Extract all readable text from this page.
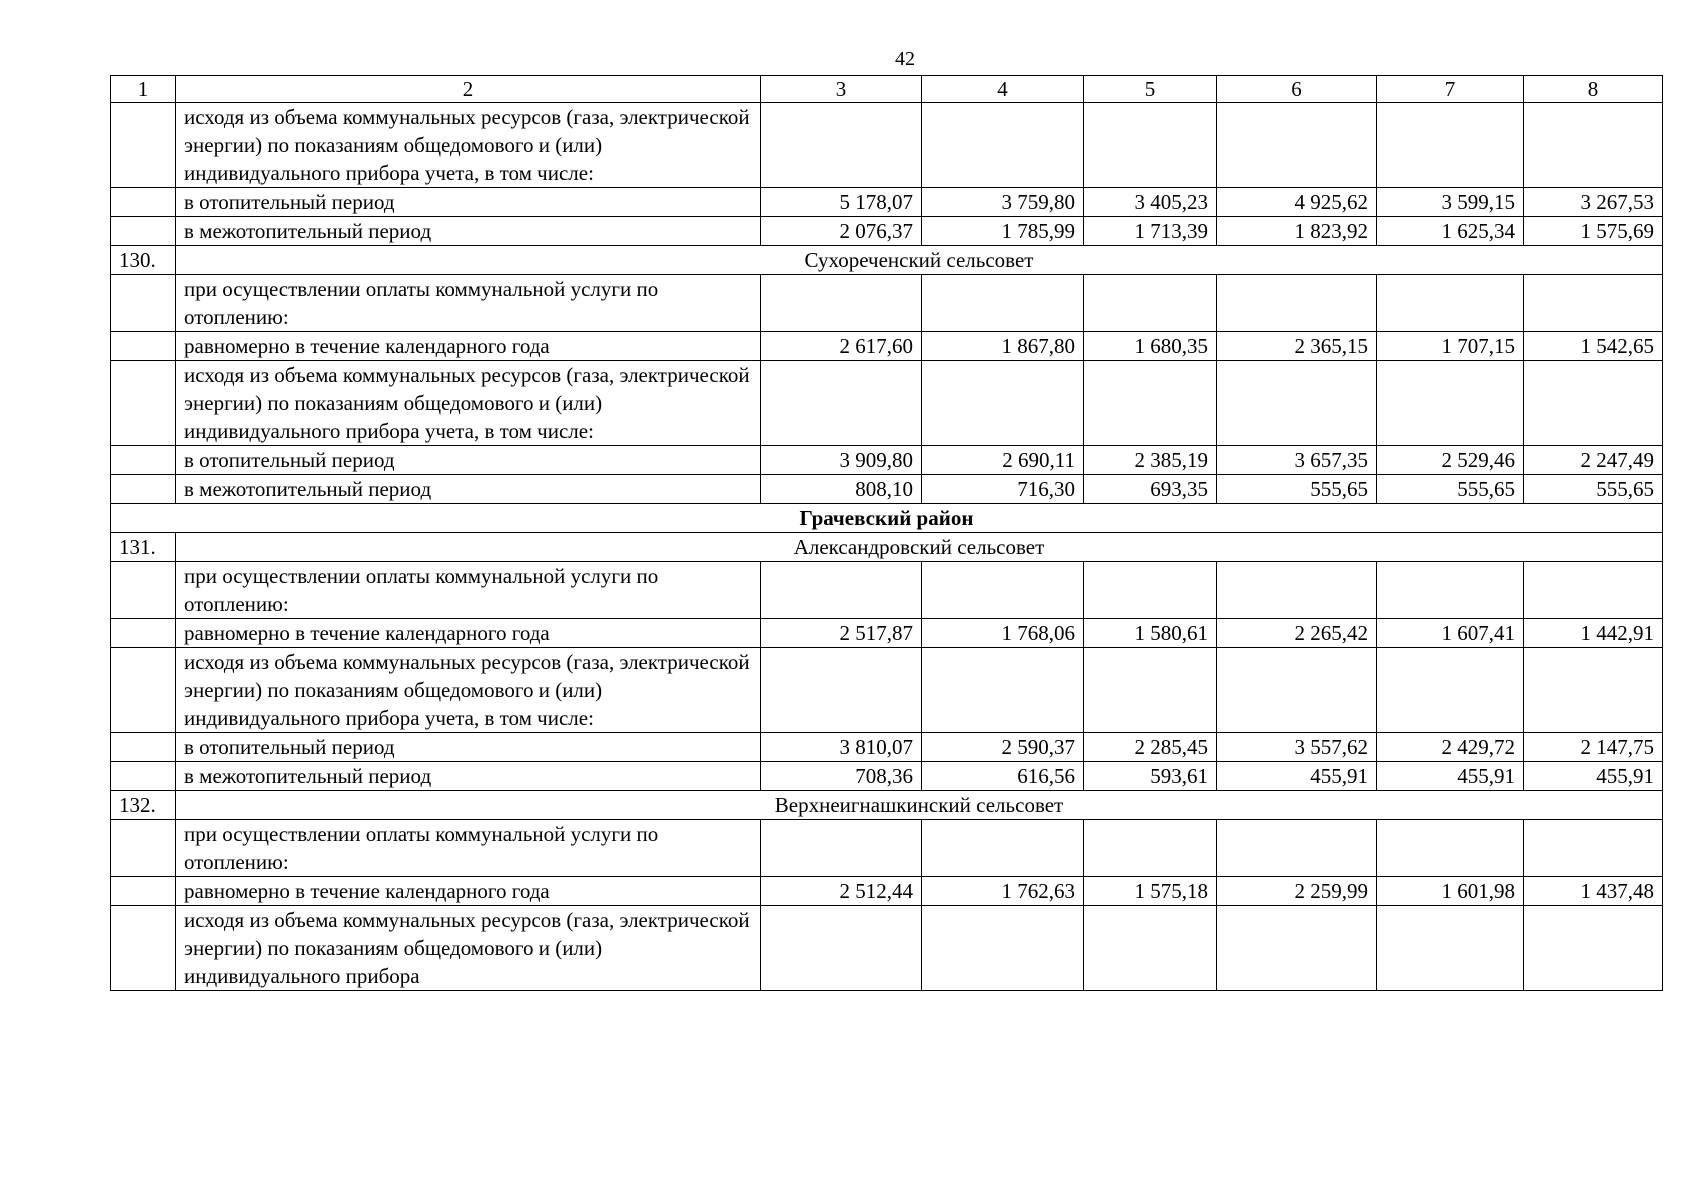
42
1	2	3	4	5	6	7	8
	исходя из объема коммунальных ресурсов (газа, электрической энергии) по показаниям общедомового и (или) индивидуального прибора учета, в том числе:						
	в отопительный период	5 178,07	3 759,80	3 405,23	4 925,62	3 599,15	3 267,53
	в межотопительный период	2 076,37	1 785,99	1 713,39	1 823,92	1 625,34	1 575,69
130.	Сухореченский сельсовет						
	при осуществлении оплаты коммунальной услуги по отоплению:						
	равномерно в течение календарного года	2 617,60	1 867,80	1 680,35	2 365,15	1 707,15	1 542,65
	исходя из объема коммунальных ресурсов (газа, электрической энергии) по показаниям общедомового и (или) индивидуального прибора учета, в том числе:						
	в отопительный период	3 909,80	2 690,11	2 385,19	3 657,35	2 529,46	2 247,49
	в межотопительный период	808,10	716,30	693,35	555,65	555,65	555,65
Грачевский район							
131.	Александровский сельсовет						
	при осуществлении оплаты коммунальной услуги по отоплению:						
	равномерно в течение календарного года	2 517,87	1 768,06	1 580,61	2 265,42	1 607,41	1 442,91
	исходя из объема коммунальных ресурсов (газа, электрической энергии) по показаниям общедомового и (или) индивидуального прибора учета, в том числе:						
	в отопительный период	3 810,07	2 590,37	2 285,45	3 557,62	2 429,72	2 147,75
	в межотопительный период	708,36	616,56	593,61	455,91	455,91	455,91
132.	Верхнеигнашкинский сельсовет						
	при осуществлении оплаты коммунальной услуги по отоплению:						
	равномерно в течение календарного года	2 512,44	1 762,63	1 575,18	2 259,99	1 601,98	1 437,48
	исходя из объема коммунальных ресурсов (газа, электрической энергии) по показаниям общедомового и (или) индивидуального прибора						
